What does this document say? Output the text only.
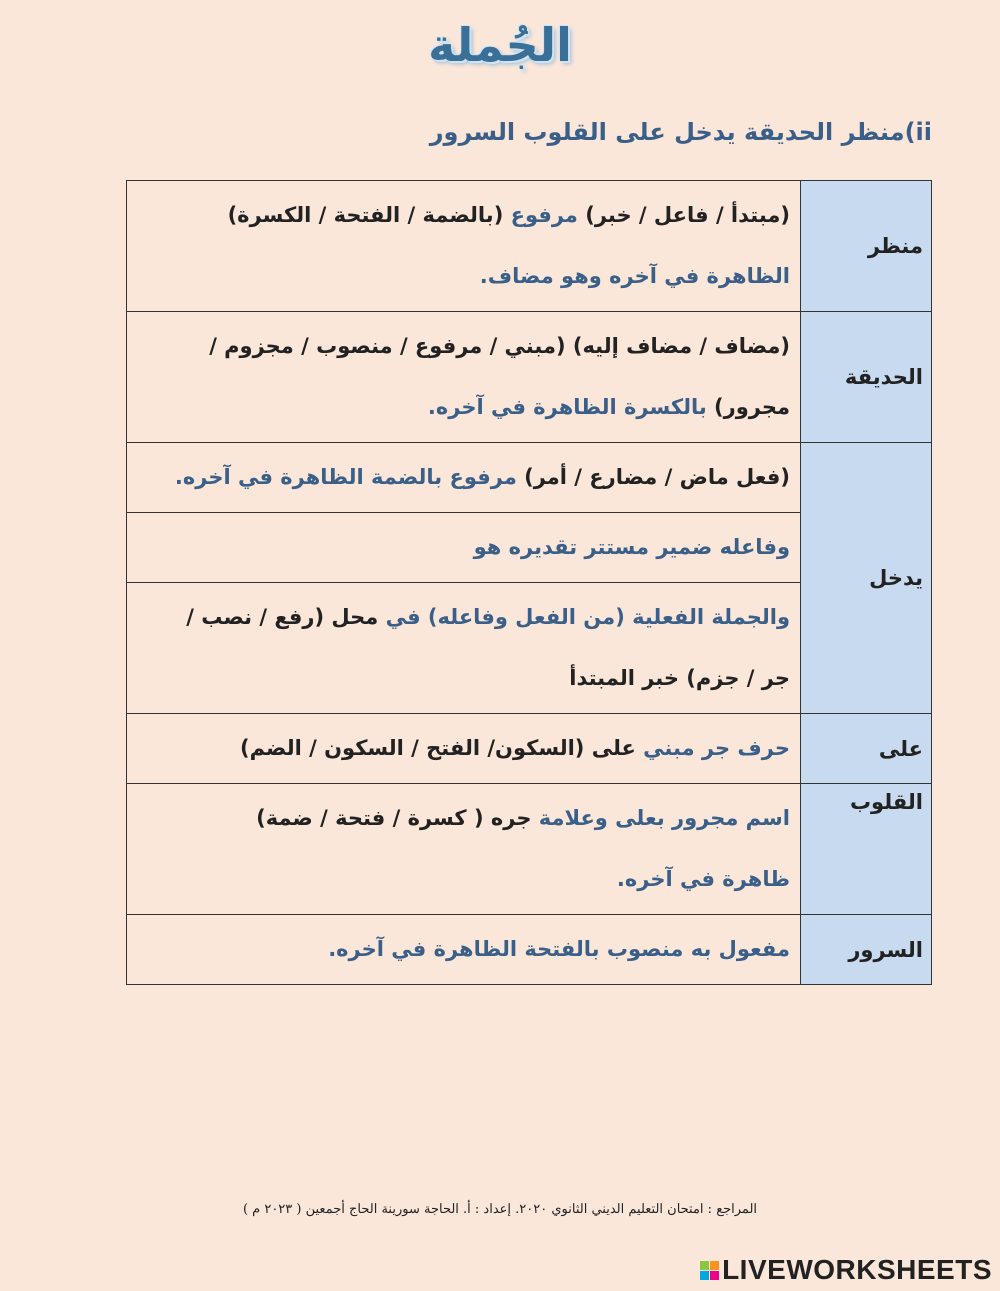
الجُملة
ii)منظر الحديقة يدخل على القلوب السرور
منظر	(مبتدأ / فاعل / خبر) مرفوع (بالضمة / الفتحة / الكسرة)
الظاهرة في آخره وهو مضاف.

الحديقة	(مضاف / مضاف إليه) (مبني / مرفوع / منصوب / مجزوم /
مجرور) بالكسرة الظاهرة في آخره.

يدخل	(فعل ماض / مضارع / أمر) مرفوع بالضمة الظاهرة في آخره.

	وفاعله ضمير مستتر تقديره هو

	والجملة الفعلية (من الفعل وفاعله) في محل (رفع / نصب /
جر / جزم) خبر المبتدأ

على	حرف جر مبني على (السكون/ الفتح / السكون / الضم)

القلوب	اسم مجرور بعلى وعلامة جره ( كسرة / فتحة / ضمة)
ظاهرة في آخره.

السرور	مفعول به منصوب بالفتحة الظاهرة في آخره.
المراجع : امتحان التعليم الديني الثانوي ٢٠٢٠. إعداد : أ. الحاجة سورينة الحاج أجمعين ( ٢٠٢٣ م )
LIVEWORKSHEETS
